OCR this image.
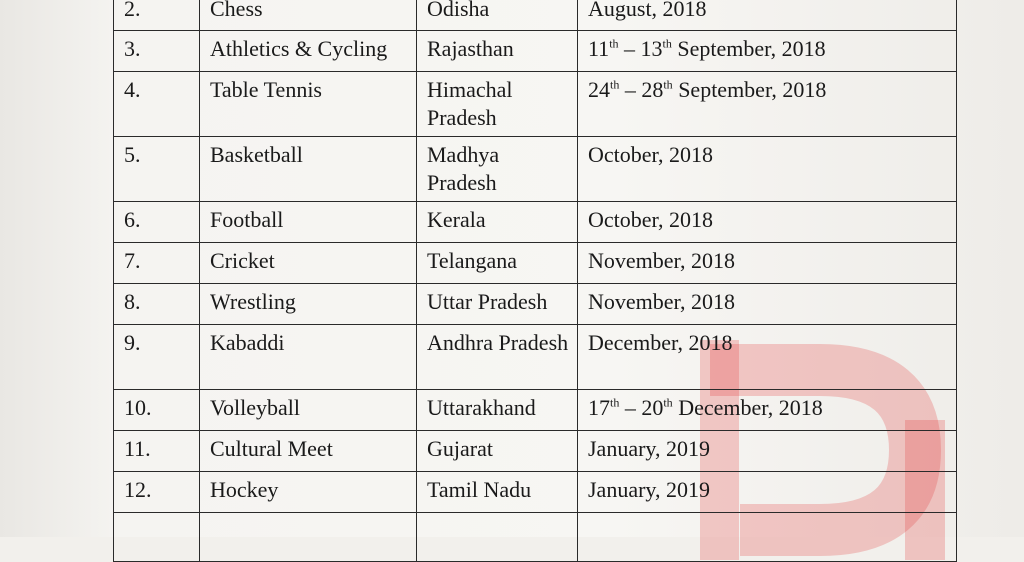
2.	Chess	Odisha	August, 2018
3.	Athletics & Cycling	Rajasthan	11th – 13th September, 2018
4.	Table Tennis	Himachal Pradesh	24th – 28th September, 2018
5.	Basketball	Madhya Pradesh	October, 2018
6.	Football	Kerala	October, 2018
7.	Cricket	Telangana	November, 2018
8.	Wrestling	Uttar Pradesh	November, 2018
9.	Kabaddi	Andhra Pradesh	December, 2018
10.	Volleyball	Uttarakhand	17th – 20th December, 2018
11.	Cultural Meet	Gujarat	January, 2019
12.	Hockey	Tamil Nadu	January, 2019
